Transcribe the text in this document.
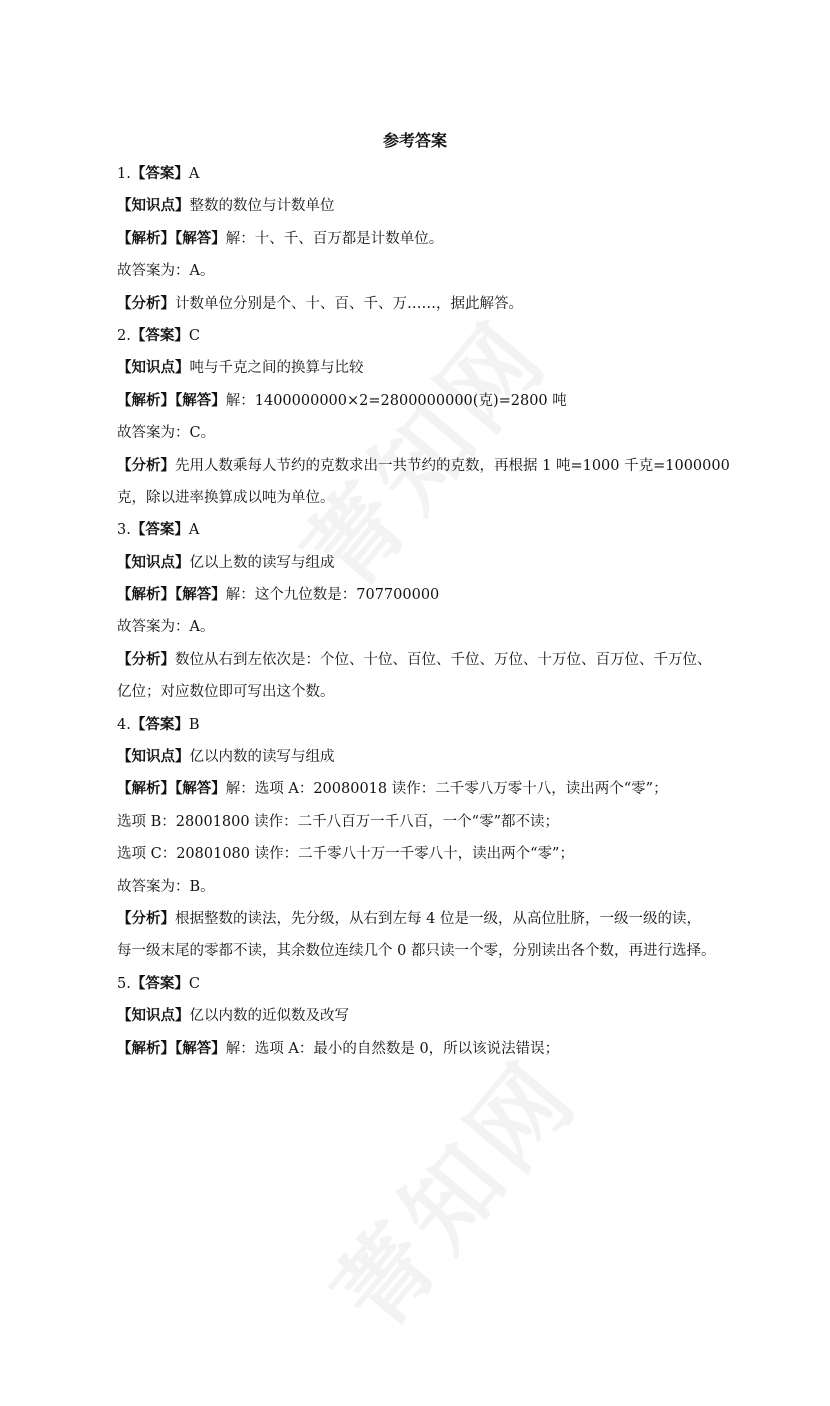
参考答案
1.【答案】A
【知识点】整数的数位与计数单位
【解析】【解答】解：十、千、百万都是计数单位。
故答案为：A。
【分析】计数单位分别是个、十、百、千、万……，据此解答。
2.【答案】C
【知识点】吨与千克之间的换算与比较
【解析】【解答】解：1400000000×2=2800000000(克)=2800 吨
故答案为：C。
【分析】先用人数乘每人节约的克数求出一共节约的克数，再根据 1 吨=1000 千克=1000000
克，除以进率换算成以吨为单位。
3.【答案】A
【知识点】亿以上数的读写与组成
【解析】【解答】解：这个九位数是：707700000
故答案为：A。
【分析】数位从右到左依次是：个位、十位、百位、千位、万位、十万位、百万位、千万位、
亿位；对应数位即可写出这个数。
4.【答案】B
【知识点】亿以内数的读写与组成
【解析】【解答】解：选项 A：20080018 读作：二千零八万零十八，读出两个“零”；
选项 B：28001800 读作：二千八百万一千八百，一个“零”都不读；
选项 C：20801080 读作：二千零八十万一千零八十，读出两个“零”；
故答案为：B。
【分析】根据整数的读法，先分级，从右到左每 4 位是一级，从高位肚脐，一级一级的读，
每一级末尾的零都不读，其余数位连续几个 0 都只读一个零，分别读出各个数，再进行选择。
5.【答案】C
【知识点】亿以内数的近似数及改写
【解析】【解答】解：选项 A：最小的自然数是 0，所以该说法错误；
